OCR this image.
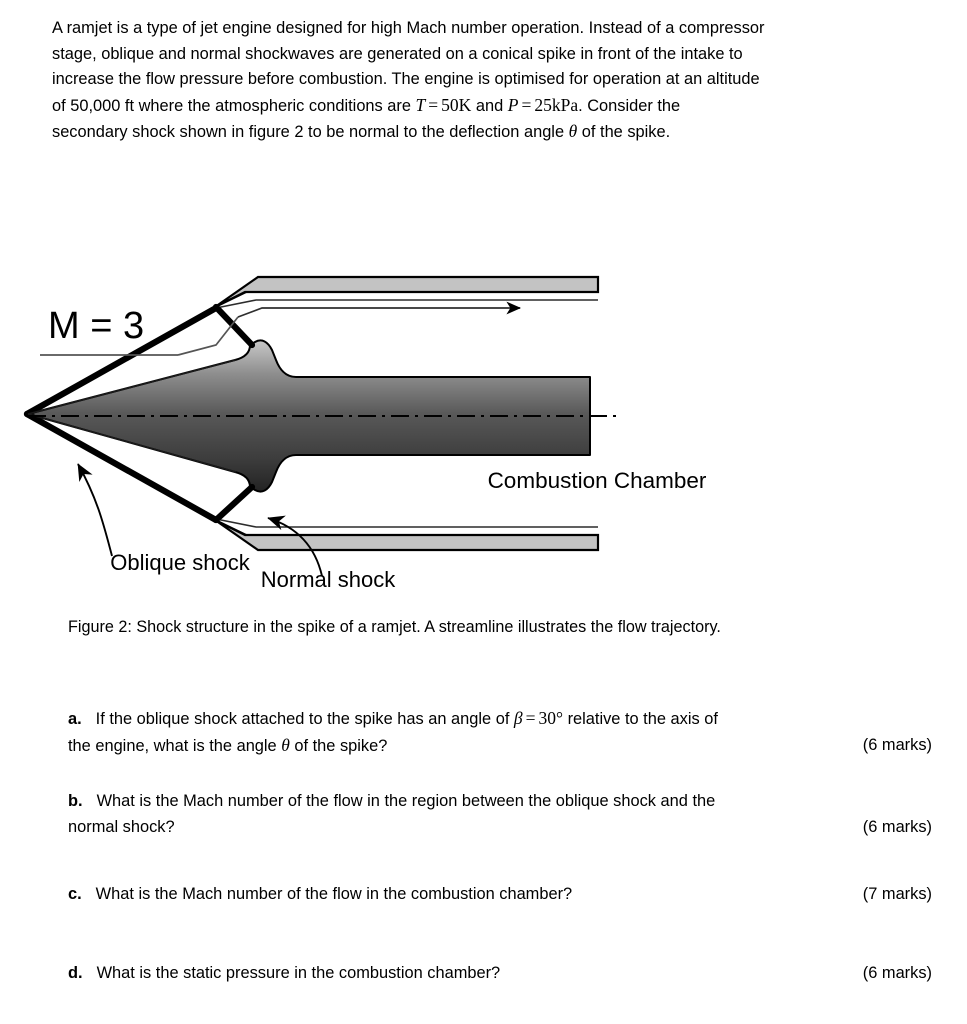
A ramjet is a type of jet engine designed for high Mach number operation. Instead of a compressor
stage, oblique and normal shockwaves are generated on a conical spike in front of the intake to
increase the flow pressure before combustion. The engine is optimised for operation at an altitude
of 50,000 ft where the atmospheric conditions are T = 50K and P = 25kPa. Consider the
secondary shock shown in figure 2 to be normal to the deflection angle θ of the spike.
M = 3
Oblique shock
Normal shock
Combustion Chamber
Figure 2: Shock structure in the spike of a ramjet. A streamline illustrates the flow trajectory.
a. If the oblique shock attached to the spike has an angle of β = 30° relative to the axis of
the engine, what is the angle θ of the spike?	(6 marks)
b. What is the Mach number of the flow in the region between the oblique shock and the
normal shock?	(6 marks)
c. What is the Mach number of the flow in the combustion chamber?	(7 marks)
d. What is the static pressure in the combustion chamber?	(6 marks)
